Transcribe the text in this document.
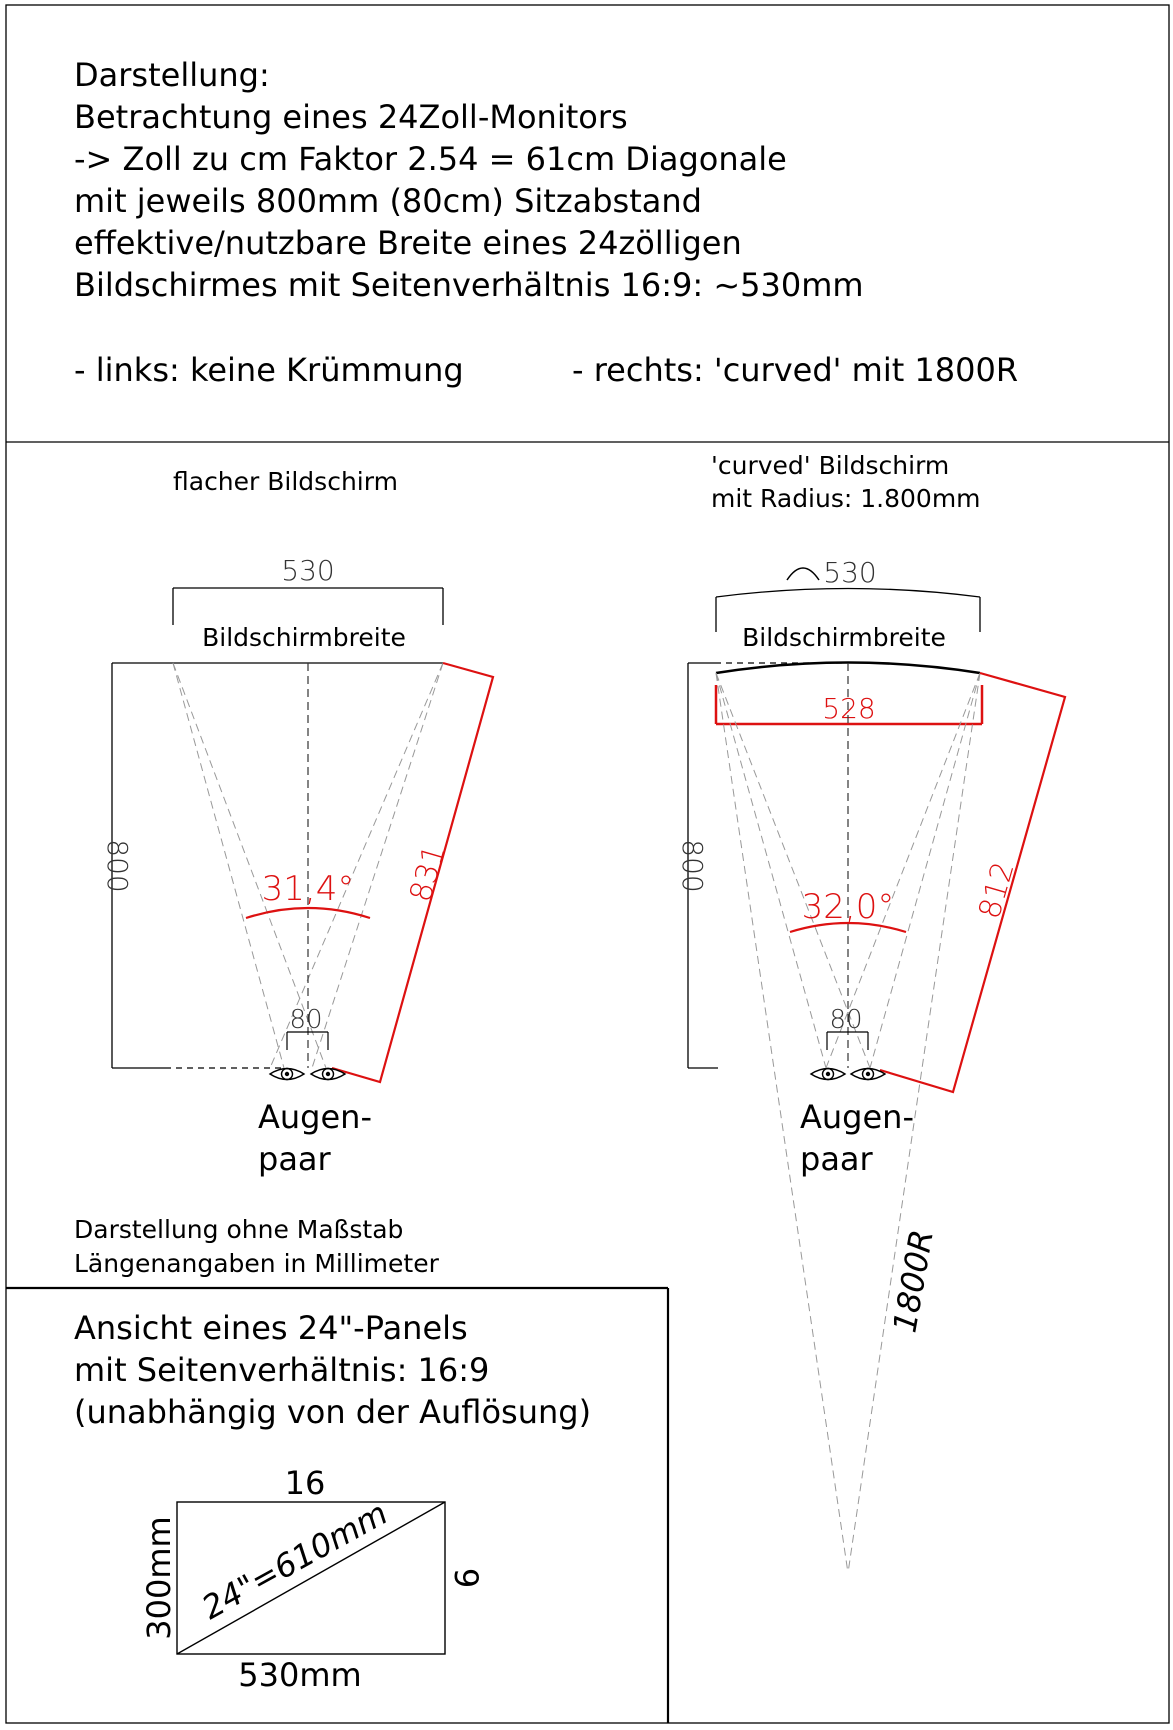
Darstellung:
Betrachtung eines 24Zoll-Monitors
-> Zoll zu cm Faktor 2.54 = 61cm Diagonale
mit jeweils 800mm (80cm) Sitzabstand
effektive/nutzbare Breite eines 24zölligen
Bildschirmes mit Seitenverhältnis 16:9: ~530mm
- links: keine Krümmung	- rechts: 'curved' mit 1800R
flacher Bildschirm
530
Bildschirmbreite
800	31,4° 831
80
Augen-
paar
'curved' Bildschirm
mit Radius: 1.800mm
530
Bildschirmbreite
800
528
32,0°	812
80
Augen-
paar
1800R
Darstellung ohne Maßstab
Längenangaben in Millimeter
Ansicht eines 24"-Panels
mit Seitenverhältnis: 16:9
(unabhängig von der Auflösung)
16
530mm
9
300mm 24"=610mm
